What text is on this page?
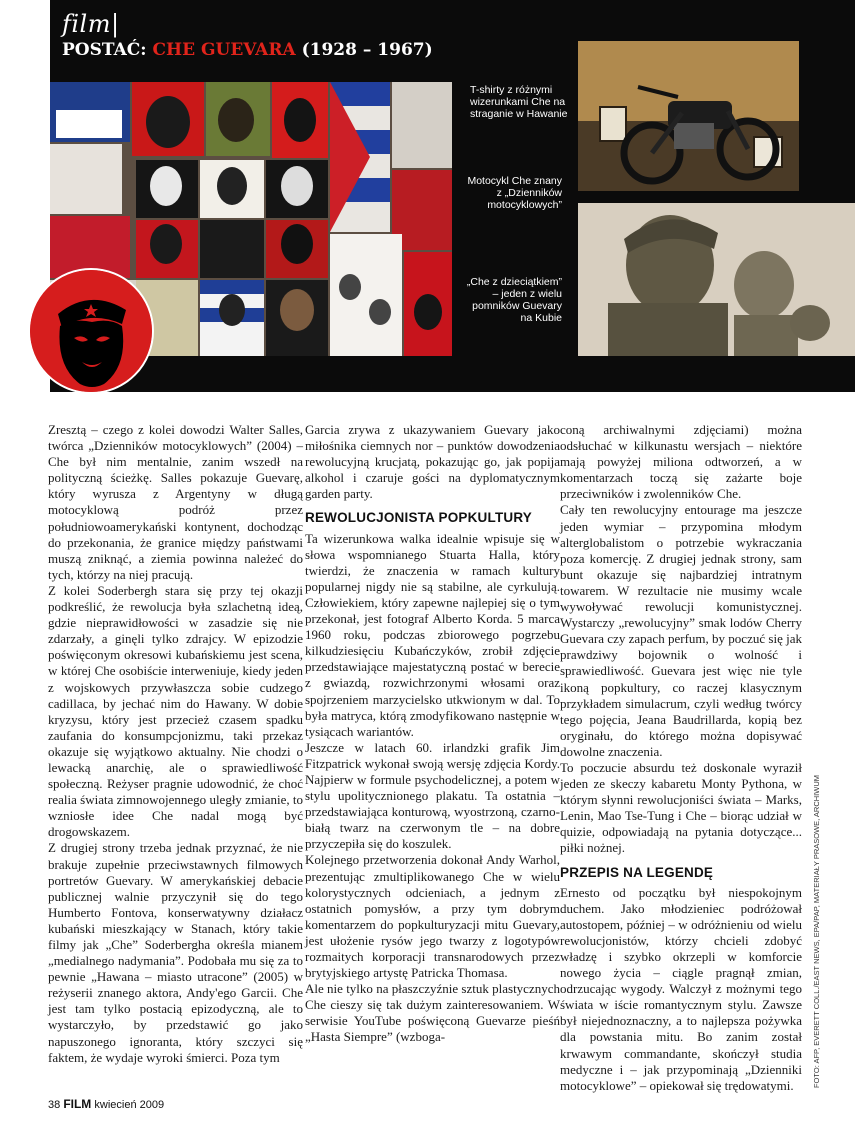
film|
POSTAĆ: CHE GUEVARA (1928 – 1967)
T-shirty z różnymi wizerunkami Che na straganie w Hawanie
Motocykl Che znany z „Dzienników motocyklowych”
„Che z dzieciątkiem” – jeden z wielu pomników Guevary na Kubie

Zresztą – czego z kolei dowodzi Walter Salles, twórca „Dzienników motocyklowych” (2004) – Che był nim mentalnie, zanim wszedł na polityczną ścieżkę. Salles pokazuje Guevarę, który wyrusza z Argentyny w długą motocyklową podróż przez południowoamerykański kontynent, dochodząc do przekonania, że granice między państwami muszą zniknąć, a ziemia powinna należeć do tych, którzy na niej pracują.

Z kolei Soderbergh stara się przy tej okazji podkreślić, że rewolucja była szlachetną ideą, gdzie nieprawidłowości w zasadzie się nie zdarzały, a ginęli tylko zdrajcy. W epizodzie poświęconym okresowi kubańskiemu jest scena, w której Che osobiście interweniuje, kiedy jeden z wojskowych przywłaszcza sobie cudzego cadillaca, by jechać nim do Hawany. W dobie kryzysu, który jest przecież czasem spadku zaufania do konsumpcjonizmu, taki przekaz okazuje się wyjątkowo aktualny. Nie chodzi o lewacką anarchię, ale o sprawiedliwość społeczną. Reżyser pragnie udowodnić, że choć realia świata zimnowojennego uległy zmianie, to wzniosłe idee Che nadal mogą być drogowskazem.

Z drugiej strony trzeba jednak przyznać, że nie brakuje zupełnie przeciwstawnych filmowych portretów Guevary. W amerykańskiej debacie publicznej walnie przyczynił się do tego Humberto Fontova, konserwatywny działacz kubański mieszkający w Stanach, który takie filmy jak „Che” Soderbergha określa mianem „medialnego nadymania”. Podobała mu się za to pewnie „Hawana – miasto utracone” (2005) w reżyserii znanego aktora, Andy'ego Garcii. Che jest tam tylko postacią epizodyczną, ale to wystarczyło, by przedstawić go jako napuszonego ignoranta, który szczyci się faktem, że wydaje wyroki śmierci. Poza tym

Garcia zrywa z ukazywaniem Guevary jako miłośnika ciemnych nor – punktów dowodzenia rewolucyjną krucjatą, pokazując go, jak popija alkohol i czaruje gości na dyplomatycznym garden party.

REWOLUCJONISTA POPKULTURY

Ta wizerunkowa walka idealnie wpisuje się w słowa wspomnianego Stuarta Halla, który twierdzi, że znaczenia w ramach kultury popularnej nigdy nie są stabilne, ale cyrkulują. Człowiekiem, który zapewne najlepiej się o tym przekonał, jest fotograf Alberto Korda. 5 marca 1960 roku, podczas zbiorowego pogrzebu kilkudziesięciu Kubańczyków, zrobił zdjęcie przedstawiające majestatyczną postać w berecie z gwiazdą, rozwichrzonymi włosami oraz spojrzeniem marzycielsko utkwionym w dal. To była matryca, którą zmodyfikowano następnie w tysiącach wariantów.

Jeszcze w latach 60. irlandzki grafik Jim Fitzpatrick wykonał swoją wersję zdjęcia Kordy. Najpierw w formule psychodelicznej, a potem w stylu upolitycznionego plakatu. Ta ostatnia – przedstawiająca konturową, wyostrzoną, czarno-białą twarz na czerwonym tle – na dobre przyczepiła się do koszulek.

Kolejnego przetworzenia dokonał Andy Warhol, prezentując zmultiplikowanego Che w wielu kolorystycznych odcieniach, a jednym z ostatnich pomysłów, a przy tym dobrym komentarzem do popkulturyzacji mitu Guevary, jest ułożenie rysów jego twarzy z logotypów rozmaitych korporacji transnarodowych przez brytyjskiego artystę Patricka Thomasa.

Ale nie tylko na płaszczyźnie sztuk plastycznych Che cieszy się tak dużym zainteresowaniem. W serwisie YouTube poświęconą Guevarze pieśń „Hasta Siempre” (wzboga-

coną archiwalnymi zdjęciami) można odsłuchać w kilkunastu wersjach – niektóre mają powyżej miliona odtworzeń, a w komentarzach toczą się zażarte boje przeciwników i zwolenników Che.

Cały ten rewolucyjny entourage ma jeszcze jeden wymiar – przypomina młodym alterglobalistom o potrzebie wykraczania poza komercję. Z drugiej jednak strony, sam bunt okazuje się najbardziej intratnym towarem. W rezultacie nie musimy wcale wywoływać rewolucji komunistycznej. Wystarczy „rewolucyjny” smak lodów Cherry Guevara czy zapach perfum, by poczuć się jak prawdziwy bojownik o wolność i sprawiedliwość. Guevara jest więc nie tyle ikoną popkultury, co raczej klasycznym przykładem simulacrum, czyli według twórcy tego pojęcia, Jeana Baudrillarda, kopią bez oryginału, do którego można dopisywać dowolne znaczenia.

To poczucie absurdu też doskonale wyraził jeden ze skeczy kabaretu Monty Pythona, w którym słynni rewolucjoniści świata – Marks, Lenin, Mao Tse-Tung i Che – biorąc udział w quizie, odpowiadają na pytania dotyczące... piłki nożnej.

PRZEPIS NA LEGENDĘ

Ernesto od początku był niespokojnym duchem. Jako młodzieniec podróżował autostopem, później – w odróżnieniu od wielu rewolucjonistów, którzy chcieli zdobyć władzę i szybko okrzepli w komforcie nowego życia – ciągle pragnął zmian, odrzucając wygody. Walczył z możnymi tego świata w iście romantycznym stylu. Zawsze był niejednoznaczny, a to najlepsza pożywka dla powstania mitu. Bo zanim został krwawym commandante, skończył studia medyczne i – jak przypominają „Dzienniki motocyklowe” – opiekował się trędowatymi.	FOTO: AFP, EVERETT COLL./EAST NEWS, EPA/PAP, MATERIAŁY PRASOWE, ARCHIWUM
38 FILM kwiecień 2009
